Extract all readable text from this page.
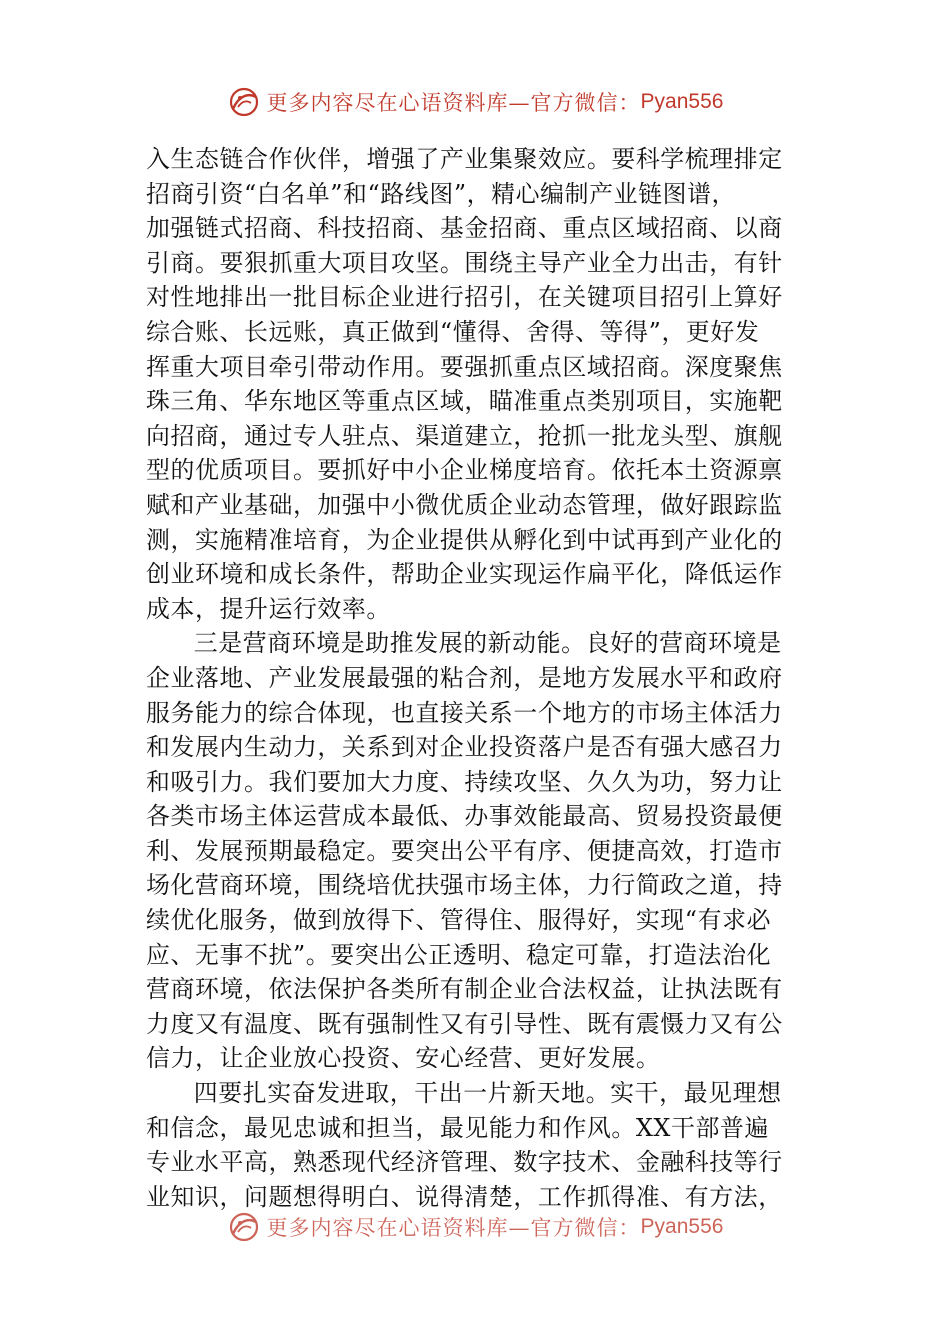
更多内容尽在心语资料库—官方微信： Pyan556
入生态链合作伙伴，增强了产业集聚效应。要科学梳理排定
招商引资“白名单”和“路线图”，精心编制产业链图谱，
加强链式招商、科技招商、基金招商、重点区域招商、以商
引商。要狠抓重大项目攻坚。围绕主导产业全力出击，有针
对性地排出一批目标企业进行招引，在关键项目招引上算好
综合账、长远账，真正做到“懂得、舍得、等得”，更好发
挥重大项目牵引带动作用。要强抓重点区域招商。深度聚焦
珠三角、华东地区等重点区域，瞄准重点类别项目，实施靶
向招商，通过专人驻点、渠道建立，抢抓一批龙头型、旗舰
型的优质项目。要抓好中小企业梯度培育。依托本土资源禀
赋和产业基础，加强中小微优质企业动态管理，做好跟踪监
测，实施精准培育，为企业提供从孵化到中试再到产业化的
创业环境和成长条件，帮助企业实现运作扁平化，降低运作
成本，提升运行效率。
三是营商环境是助推发展的新动能。良好的营商环境是
企业落地、产业发展最强的粘合剂，是地方发展水平和政府
服务能力的综合体现，也直接关系一个地方的市场主体活力
和发展内生动力，关系到对企业投资落户是否有强大感召力
和吸引力。我们要加大力度、持续攻坚、久久为功，努力让
各类市场主体运营成本最低、办事效能最高、贸易投资最便
利、发展预期最稳定。要突出公平有序、便捷高效，打造市
场化营商环境，围绕培优扶强市场主体，力行简政之道，持
续优化服务，做到放得下、管得住、服得好，实现“有求必
应、无事不扰”。要突出公正透明、稳定可靠，打造法治化
营商环境，依法保护各类所有制企业合法权益，让执法既有
力度又有温度、既有强制性又有引导性、既有震慑力又有公
信力，让企业放心投资、安心经营、更好发展。
四要扎实奋发进取，干出一片新天地。实干，最见理想
和信念，最见忠诚和担当，最见能力和作风。XX干部普遍
专业水平高，熟悉现代经济管理、数字技术、金融科技等行
业知识，问题想得明白、说得清楚，工作抓得准、有方法，
更多内容尽在心语资料库—官方微信： Pyan556
